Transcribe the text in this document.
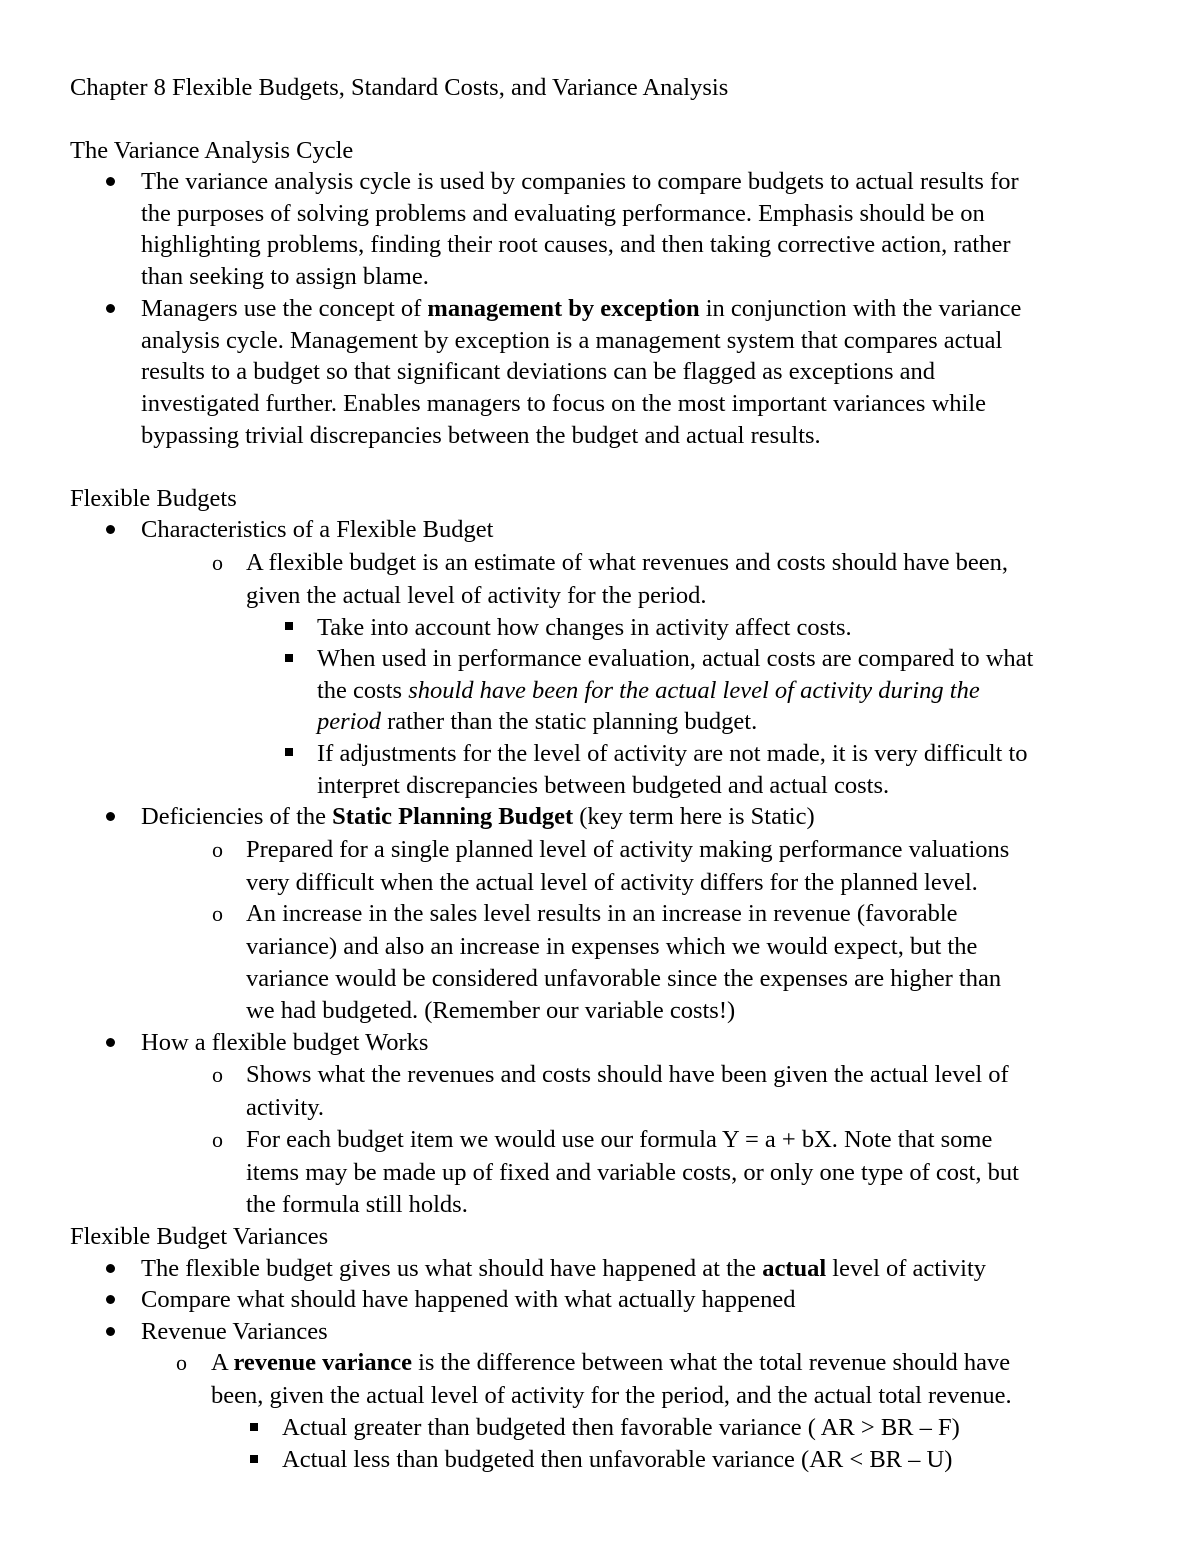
Chapter 8 Flexible Budgets, Standard Costs, and Variance Analysis
The Variance Analysis Cycle
The variance analysis cycle is used by companies to compare budgets to actual results for
the purposes of solving problems and evaluating performance. Emphasis should be on
highlighting problems, finding their root causes, and then taking corrective action, rather
than seeking to assign blame.
Managers use the concept of management by exception in conjunction with the variance
analysis cycle. Management by exception is a management system that compares actual
results to a budget so that significant deviations can be flagged as exceptions and
investigated further. Enables managers to focus on the most important variances while
bypassing trivial discrepancies between the budget and actual results.
Flexible Budgets
Characteristics of a Flexible Budget
o A flexible budget is an estimate of what revenues and costs should have been,
given the actual level of activity for the period.
Take into account how changes in activity affect costs.
When used in performance evaluation, actual costs are compared to what
the costs should have been for the actual level of activity during the
period rather than the static planning budget.
If adjustments for the level of activity are not made, it is very difficult to
interpret discrepancies between budgeted and actual costs.
Deficiencies of the Static Planning Budget (key term here is Static)
o Prepared for a single planned level of activity making performance valuations
very difficult when the actual level of activity differs for the planned level.
o An increase in the sales level results in an increase in revenue (favorable
variance) and also an increase in expenses which we would expect, but the
variance would be considered unfavorable since the expenses are higher than
we had budgeted. (Remember our variable costs!)
How a flexible budget Works
o Shows what the revenues and costs should have been given the actual level of
activity.
o For each budget item we would use our formula Y = a + bX. Note that some
items may be made up of fixed and variable costs, or only one type of cost, but
the formula still holds.
Flexible Budget Variances
The flexible budget gives us what should have happened at the actual level of activity
Compare what should have happened with what actually happened
Revenue Variances
o A revenue variance is the difference between what the total revenue should have
been, given the actual level of activity for the period, and the actual total revenue.
Actual greater than budgeted then favorable variance ( AR > BR – F)
Actual less than budgeted then unfavorable variance (AR < BR – U)
